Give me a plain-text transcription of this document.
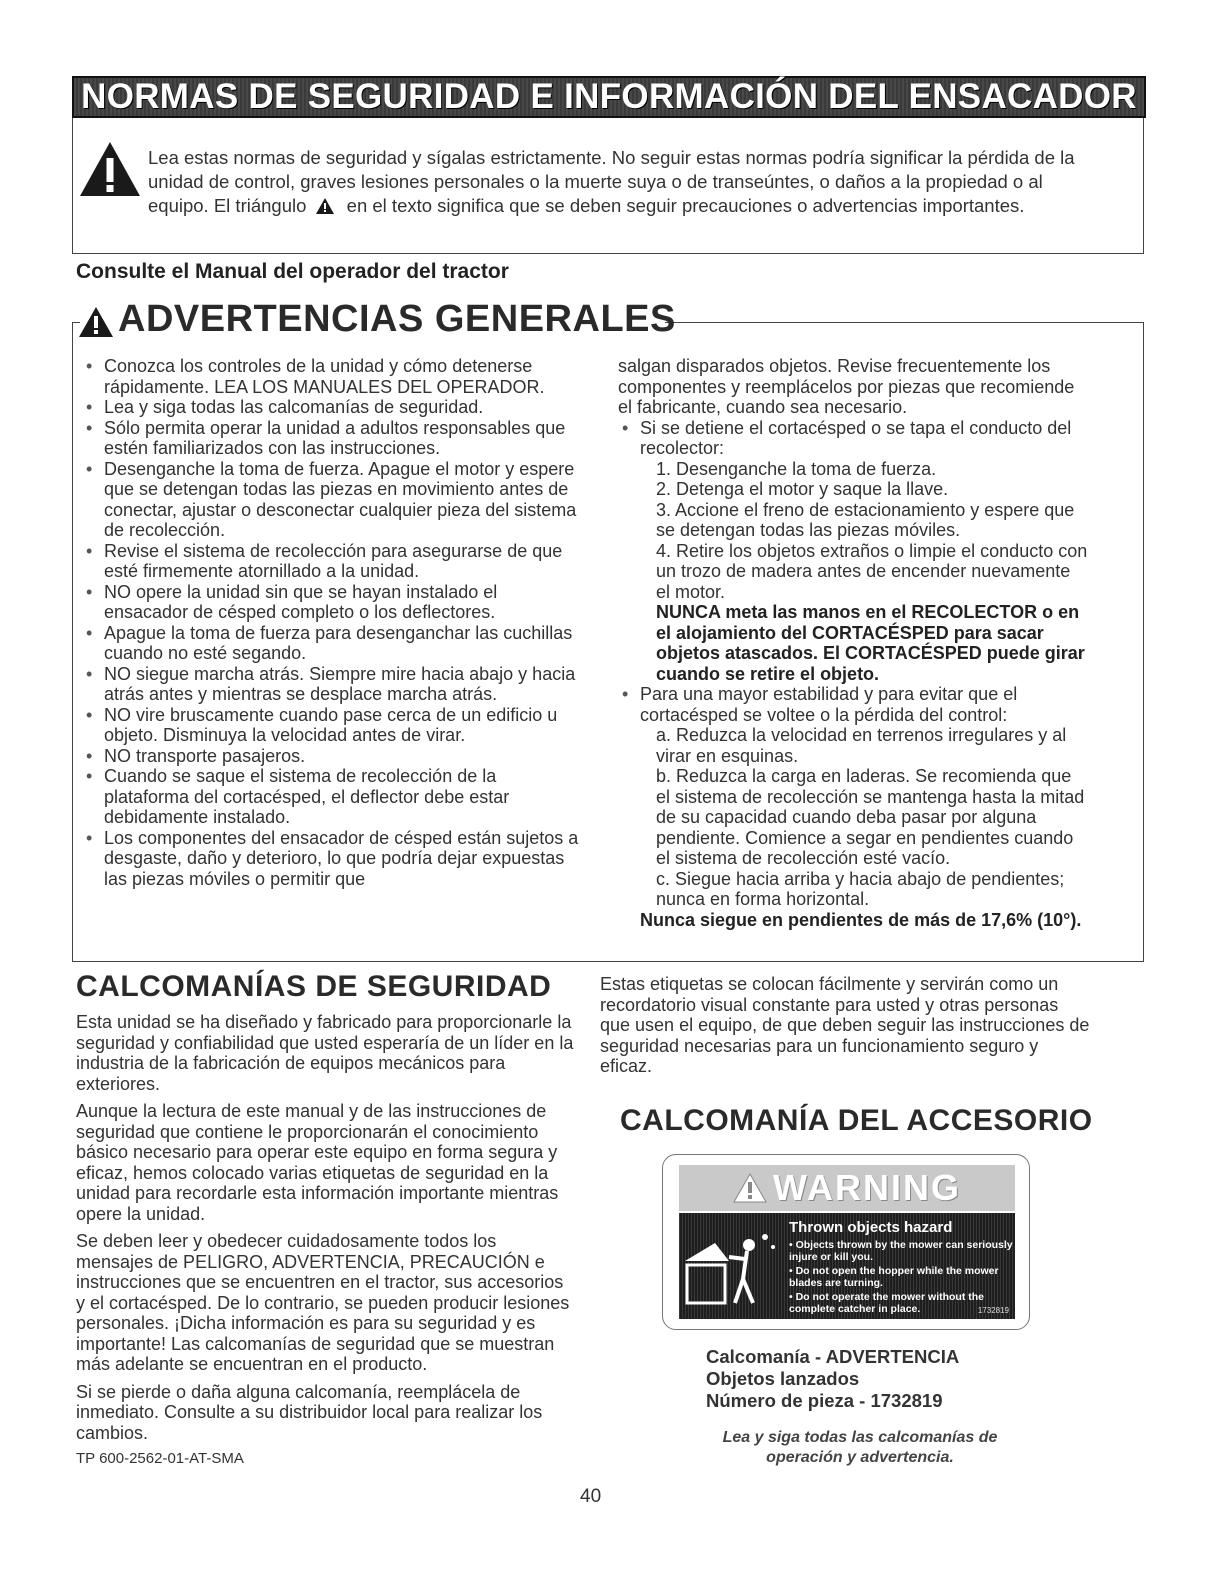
NORMAS DE SEGURIDAD E INFORMACIÓN DEL ENSACADOR
Lea estas normas de seguridad y sígalas estrictamente. No seguir estas normas podría significar la pérdida de la unidad de control, graves lesiones personales o la muerte suya o de transeúntes, o daños a la propiedad o al equipo. El triángulo en el texto significa que se deben seguir precauciones o advertencias importantes.
Consulte el Manual del operador del tractor
ADVERTENCIAS GENERALES
• Conozca los controles de la unidad y cómo detenerse rápidamente. LEA LOS MANUALES DEL OPERADOR.
• Lea y siga todas las calcomanías de seguridad.
• Sólo permita operar la unidad a adultos responsables que estén familiarizados con las instrucciones.
• Desenganche la toma de fuerza. Apague el motor y espere que se detengan todas las piezas en movimiento antes de conectar, ajustar o desconectar cualquier pieza del sistema de recolección.
• Revise el sistema de recolección para asegurarse de que esté firmemente atornillado a la unidad.
• NO opere la unidad sin que se hayan instalado el ensacador de césped completo o los deflectores.
• Apague la toma de fuerza para desenganchar las cuchillas cuando no esté segando.
• NO siegue marcha atrás. Siempre mire hacia abajo y hacia atrás antes y mientras se desplace marcha atrás.
• NO vire bruscamente cuando pase cerca de un edificio u objeto. Disminuya la velocidad antes de virar.
• NO transporte pasajeros.
• Cuando se saque el sistema de recolección de la plataforma del cortacésped, el deflector debe estar debidamente instalado.
• Los componentes del ensacador de césped están sujetos a desgaste, daño y deterioro, lo que podría dejar expuestas las piezas móviles o permitir que
salgan disparados objetos. Revise frecuentemente los componentes y reemplácelos por piezas que recomiende el fabricante, cuando sea necesario.
• Si se detiene el cortacésped o se tapa el conducto del recolector:
1. Desenganche la toma de fuerza.
2. Detenga el motor y saque la llave.
3. Accione el freno de estacionamiento y espere que se detengan todas las piezas móviles.
4. Retire los objetos extraños o limpie el conducto con un trozo de madera antes de encender nuevamente el motor.
NUNCA meta las manos en el RECOLECTOR o en el alojamiento del CORTACÉSPED para sacar objetos atascados. El CORTACÉSPED puede girar cuando se retire el objeto.
• Para una mayor estabilidad y para evitar que el cortacésped se voltee o la pérdida del control:
a. Reduzca la velocidad en terrenos irregulares y al virar en esquinas.
b. Reduzca la carga en laderas. Se recomienda que el sistema de recolección se mantenga hasta la mitad de su capacidad cuando deba pasar por alguna pendiente. Comience a segar en pendientes cuando el sistema de recolección esté vacío.
c. Siegue hacia arriba y hacia abajo de pendientes; nunca en forma horizontal.
Nunca siegue en pendientes de más de 17,6% (10°).
CALCOMANÍAS DE SEGURIDAD

Esta unidad se ha diseñado y fabricado para proporcionarle la seguridad y confiabilidad que usted esperaría de un líder en la industria de la fabricación de equipos mecánicos para exteriores.

Aunque la lectura de este manual y de las instrucciones de seguridad que contiene le proporcionarán el conocimiento básico necesario para operar este equipo en forma segura y eficaz, hemos colocado varias etiquetas de seguridad en la unidad para recordarle esta información importante mientras opere la unidad.

Se deben leer y obedecer cuidadosamente todos los mensajes de PELIGRO, ADVERTENCIA, PRECAUCIÓN e instrucciones que se encuentren en el tractor, sus accesorios y el cortacésped. De lo contrario, se pueden producir lesiones personales. ¡Dicha información es para su seguridad y es importante! Las calcomanías de seguridad que se muestran más adelante se encuentran en el producto.

Si se pierde o daña alguna calcomanía, reemplácela de inmediato. Consulte a su distribuidor local para realizar los cambios.

Estas etiquetas se colocan fácilmente y servirán como un recordatorio visual constante para usted y otras personas que usen el equipo, de que deben seguir las instrucciones de seguridad necesarias para un funcionamiento seguro y eficaz.
CALCOMANÍA DEL ACCESORIO
WARNING
Thrown objects hazard
• Objects thrown by the mower can seriously injure or kill you.
• Do not open the hopper while the mower blades are turning.
• Do not operate the mower without the complete catcher in place.	1732819
Calcomanía - ADVERTENCIA
Objetos lanzados
Número de pieza - 1732819
Lea y siga todas las calcomanías de operación y advertencia.
TP 600-2562-01-AT-SMA
40
